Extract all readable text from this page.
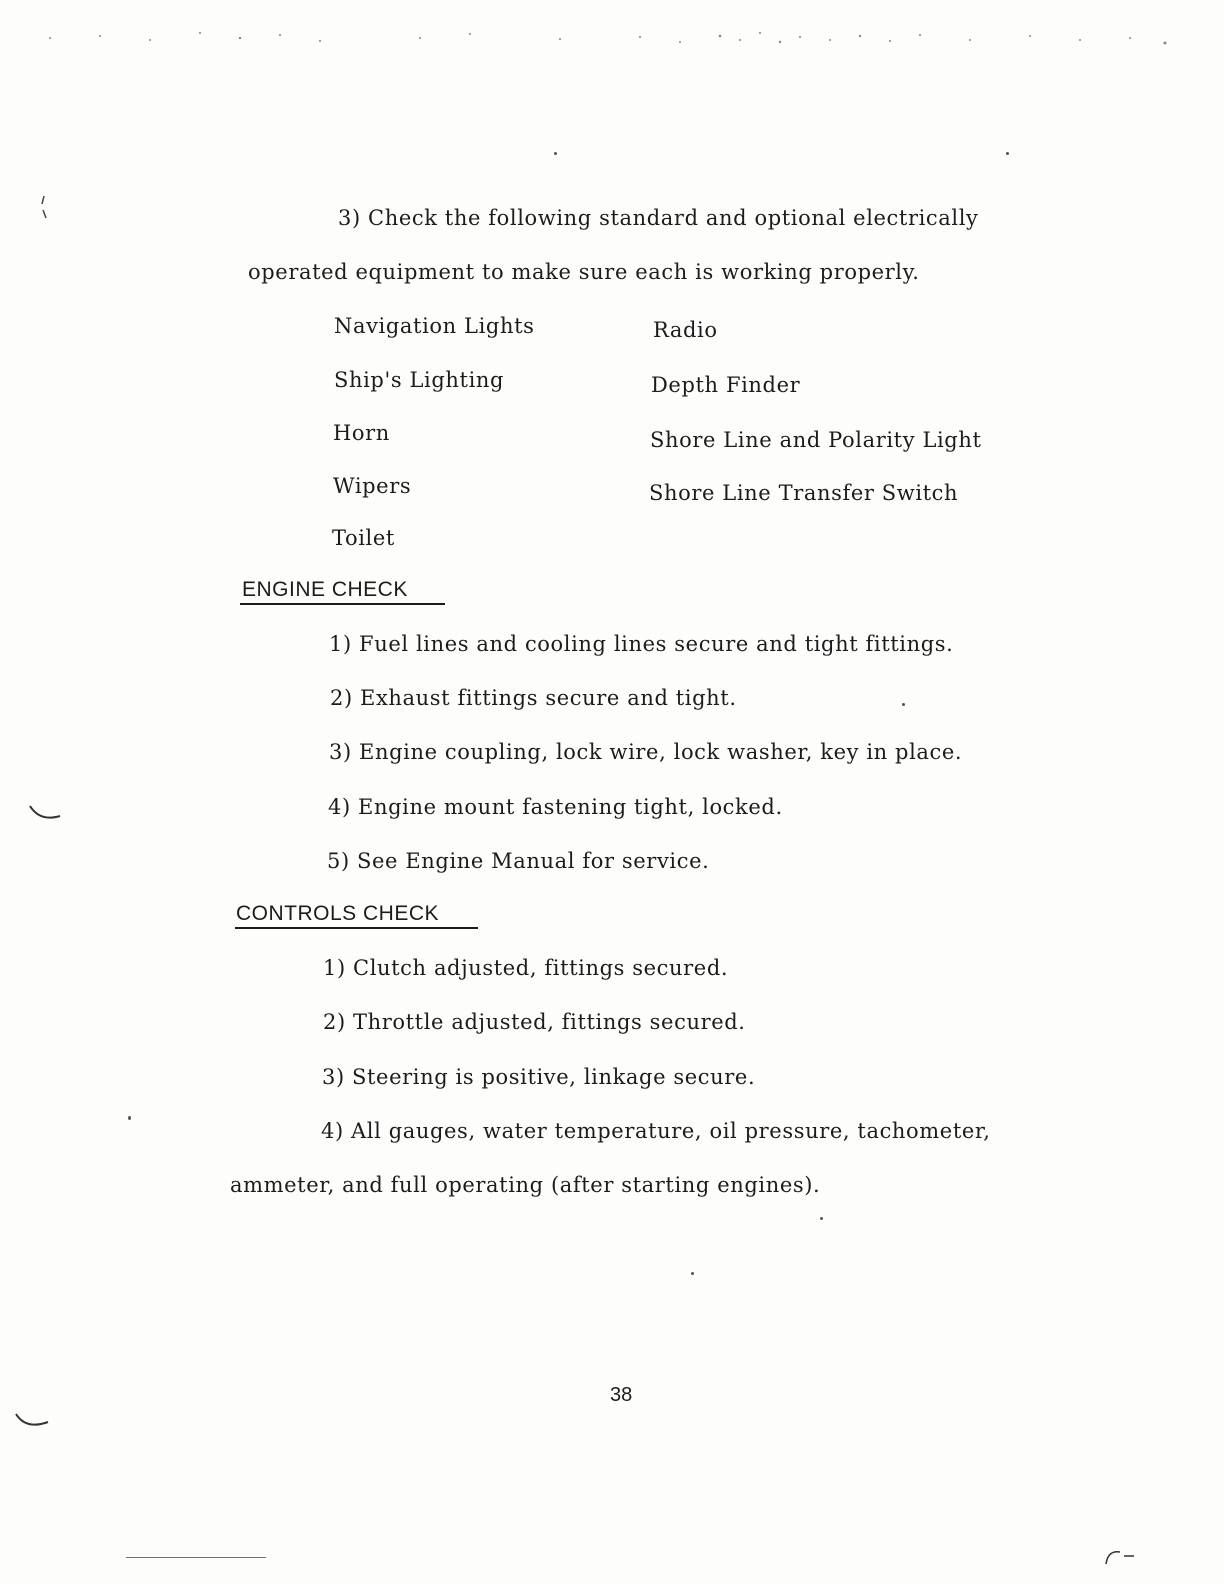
3) Check the following standard and optional electrically
operated equipment to make sure each is working properly.
Navigation Lights
Ship's Lighting
Horn
Wipers
Toilet
Radio
Depth Finder
Shore Line and Polarity Light
Shore Line Transfer Switch
ENGINE CHECK
1) Fuel lines and cooling lines secure and tight fittings.
2) Exhaust fittings secure and tight.
3) Engine coupling, lock wire, lock washer, key in place.
4) Engine mount fastening tight, locked.
5) See Engine Manual for service.
CONTROLS CHECK
1) Clutch adjusted, fittings secured.
2) Throttle adjusted, fittings secured.
3) Steering is positive, linkage secure.
4) All gauges, water temperature, oil pressure, tachometer,
ammeter, and full operating (after starting engines).
38
